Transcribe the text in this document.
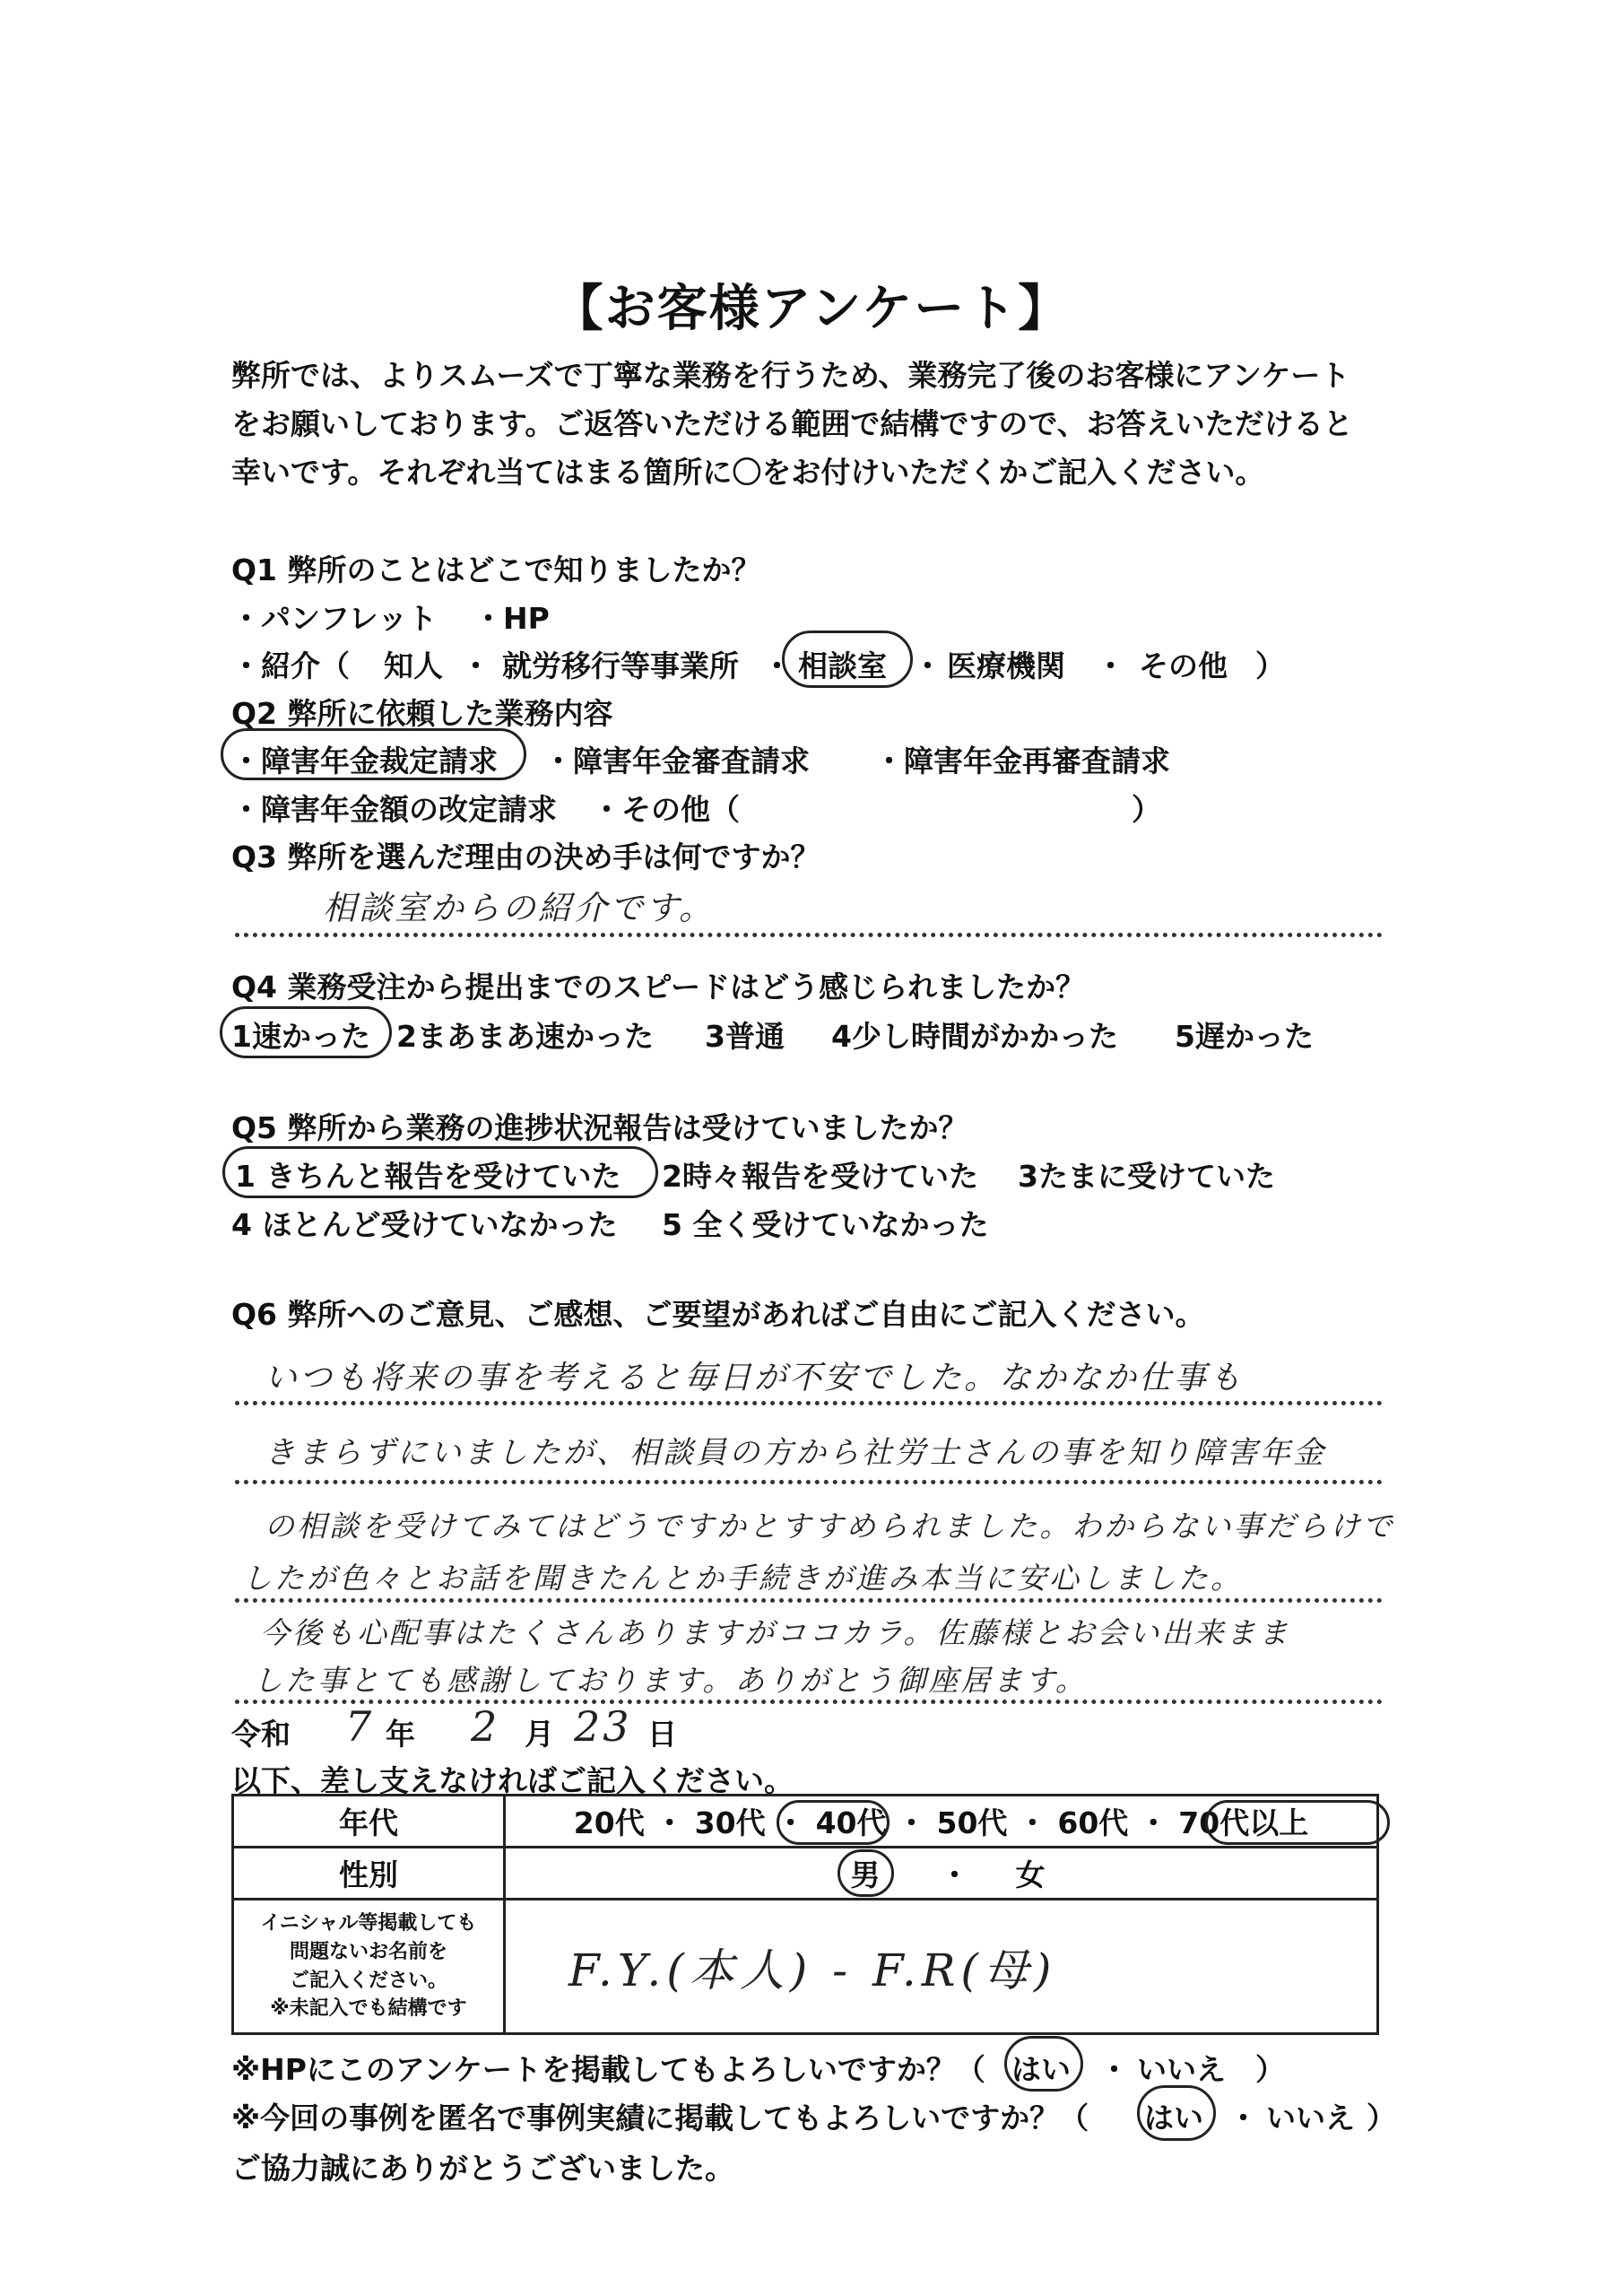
【お客様アンケート】
弊所では、よりスムーズで丁寧な業務を行うため、業務完了後のお客様にアンケート
をお願いしております。ご返答いただける範囲で結構ですので、お答えいただけると
幸いです。それぞれ当てはまる箇所に〇をお付けいただくかご記入ください。
Q1 弊所のことはどこで知りましたか？
・パンフレット ・HP
・紹介（ 知人 ・ 就労移行等事業所 ・ 相談室 ・ 医療機関 ・ その他 ）
Q2 弊所に依頼した業務内容
・障害年金裁定請求 ・障害年金審査請求 ・障害年金再審査請求
・障害年金額の改定請求 ・その他（	）
Q3 弊所を選んだ理由の決め手は何ですか？
相談室からの紹介です。
Q4 業務受注から提出までのスピードはどう感じられましたか？
1速かった 2まあまあ速かった 3普通 4少し時間がかかった 5遅かった
Q5 弊所から業務の進捗状況報告は受けていましたか？
1 きちんと報告を受けていた 2時々報告を受けていた 3たまに受けていた
4 ほとんど受けていなかった 5 全く受けていなかった
Q6 弊所へのご意見、ご感想、ご要望があればご自由にご記入ください。
いつも将来の事を考えると毎日が不安でした。なかなか仕事も
きまらずにいましたが、相談員の方から社労士さんの事を知り障害年金
の相談を受けてみてはどうですかとすすめられました。わからない事だらけで
したが色々とお話を聞きたんとか手続きが進み本当に安心しました。
今後も心配事はたくさんありますがココカラ。佐藤様とお会い出来まま
した事とても感謝しております。ありがとう御座居ます。
令和 7 年 2 月 23 日
以下、差し支えなければご記入ください。
年代	20代 ・ 30代 ・ 40代 ・ 50代 ・ 60代 ・ 70代以上

性別	男 ・ 女

イニシャル等掲載しても
問題ないお名前を
ご記入ください。
※未記入でも結構です	F.Y.(本人) - F.R(母)
※HPにこのアンケートを掲載してもよろしいですか？（ はい ・ いいえ ）
※今回の事例を匿名で事例実績に掲載してもよろしいですか？（ はい ・ いいえ ）
ご協力誠にありがとうございました。
